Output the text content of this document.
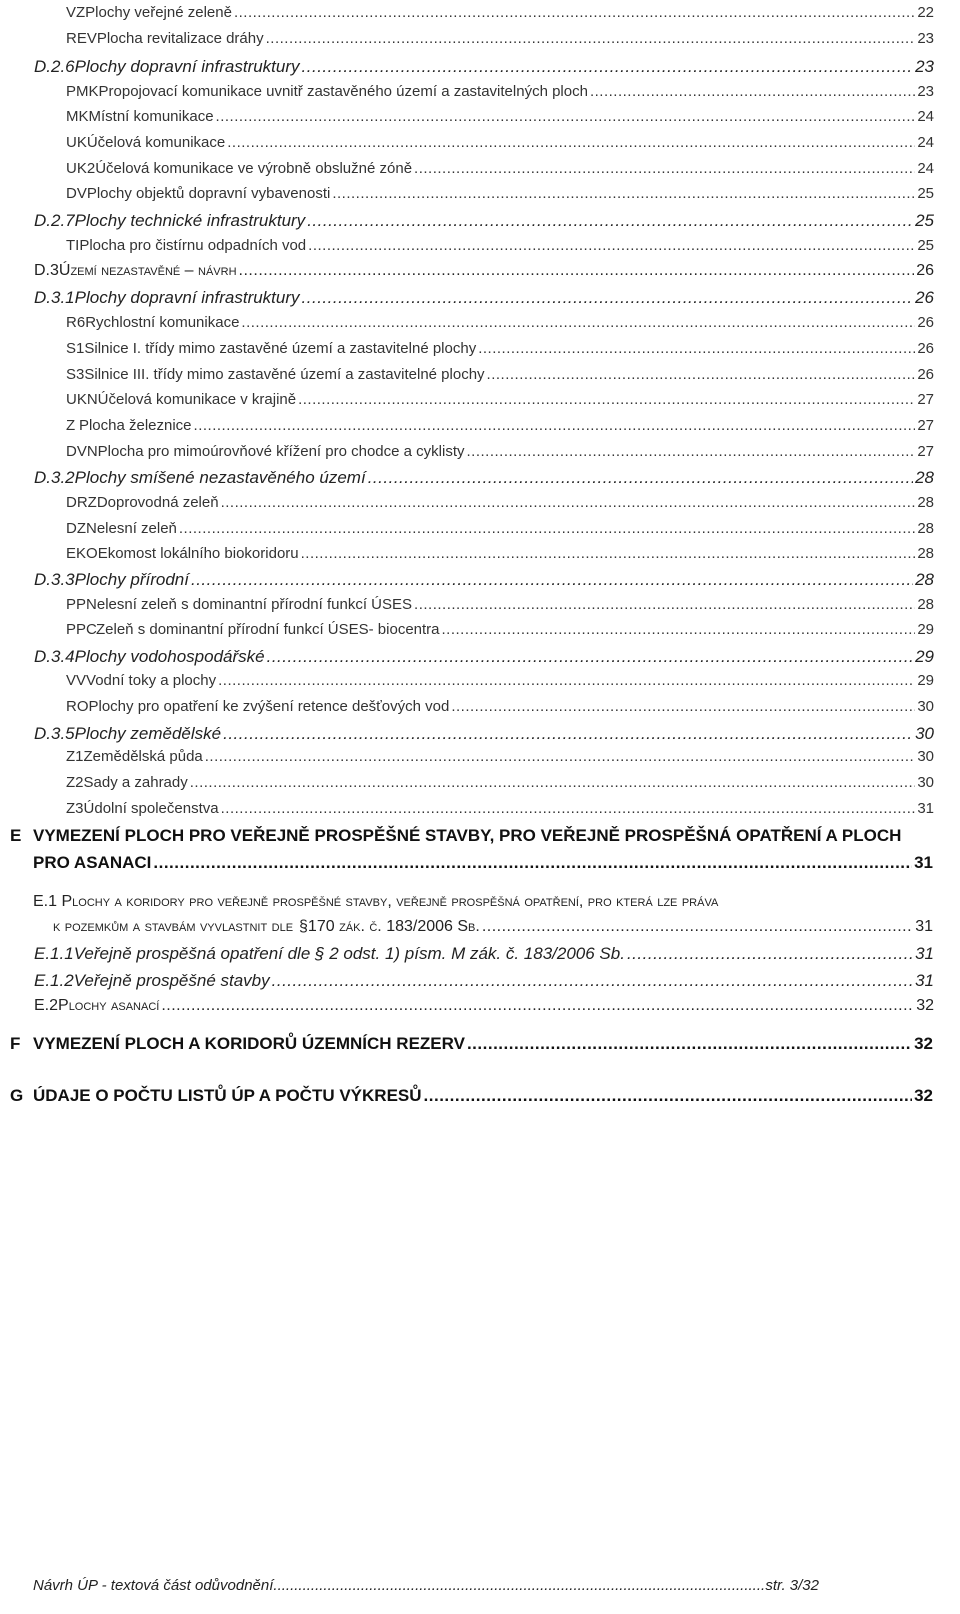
VZ Plochy veřejné zeleně .....	22
REV Plocha revitalizace dráhy .....	23
D.2.6 Plochy dopravní infrastruktury .....	23
PMK Propojovací komunikace uvnitř zastavěného území a zastavitelných ploch .....	23
MK Místní komunikace .....	24
UK Účelová komunikace .....	24
UK2 Účelová komunikace ve výrobně obslužné zóně .....	24
DV Plochy objektů dopravní vybavenosti .....	25
D.2.7 Plochy technické infrastruktury .....	25
TI Plocha pro čistírnu odpadních vod .....	25
D.3 Území nezastavěné – návrh .....	26
D.3.1 Plochy dopravní infrastruktury .....	26
R6 Rychlostní komunikace .....	26
S1 Silnice I. třídy mimo zastavěné území a zastavitelné plochy .....	26
S3 Silnice III. třídy mimo zastavěné území a zastavitelné plochy .....	26
UKN Účelová komunikace v krajině .....	27
Z Plocha železnice .....	27
DVN Plocha pro mimoúrovňové křížení pro chodce a cyklisty .....	27
D.3.2 Plochy smíšené nezastavěného území .....	28
DRZ Doprovodná zeleň .....	28
DZ Nelesní zeleň .....	28
EKO Ekomost lokálního biokoridoru .....	28
D.3.3 Plochy přírodní .....	28
PP Nelesní zeleň s dominantní přírodní funkcí ÚSES .....	28
PPC Zeleň s dominantní přírodní funkcí ÚSES- biocentra .....	29
D.3.4 Plochy vodohospodářské .....	29
VV Vodní toky a plochy .....	29
RO Plochy pro opatření ke zvýšení retence dešťových vod .....	30
D.3.5 Plochy zemědělské .....	30
Z1 Zemědělská půda .....	30
Z2 Sady a zahrady .....	30
Z3 Údolní společenstva .....	31
E VYMEZENÍ PLOCH PRO VEŘEJNĚ PROSPĚŠNÉ STAVBY, PRO VEŘEJNĚ PROSPĚŠNÁ OPATŘENÍ A PLOCH
PRO ASANACI .....	31
E.1 Plochy a koridory pro veřejně prospěšné stavby, veřejně prospěšná opatření, pro která lze práva
k pozemkům a stavbám vyvlastnit dle §170 zák. č. 183/2006 Sb. .....	31
E.1.1 Veřejně prospěšná opatření dle § 2 odst. 1) písm. M zák. č. 183/2006 Sb. .....	31
E.1.2 Veřejně prospěšné stavby .....	31
E.2 Plochy asanací .....	32
F VYMEZENÍ PLOCH A KORIDORŮ ÚZEMNÍCH REZERV .....	32
G ÚDAJE O POČTU LISTŮ ÚP A POČTU VÝKRESŮ .....	32
Návrh ÚP - textová část odůvodnění .....	str. 3/32
